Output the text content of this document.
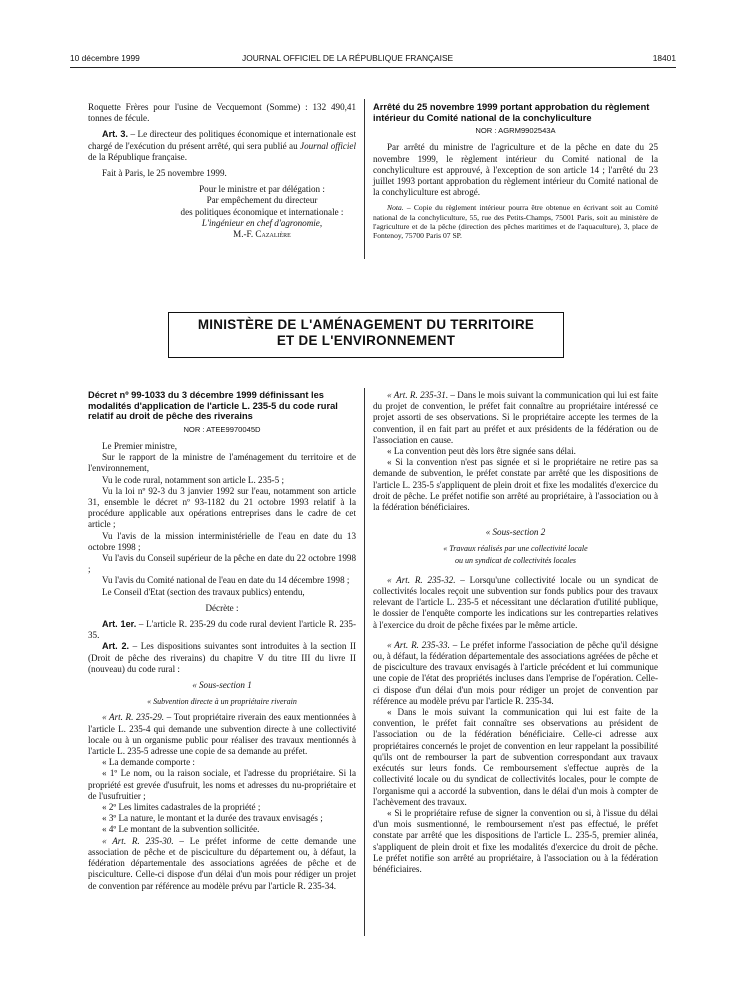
10 décembre 1999	JOURNAL OFFICIEL DE LA RÉPUBLIQUE FRANÇAISE	18401

Roquette Frères pour l'usine de Vecquemont (Somme) : 132 490,41 tonnes de fécule.

Art. 3. – Le directeur des politiques économique et internationale est chargé de l'exécution du présent arrêté, qui sera publié au Journal officiel de la République française.

Fait à Paris, le 25 novembre 1999.

Pour le ministre et par délégation :

Par empêchement du directeur

des politiques économique et internationale :

L'ingénieur en chef d'agronomie,

M.-F. Cazalière

Arrêté du 25 novembre 1999 portant approbation du règlement intérieur du Comité national de la conchyliculture

NOR : AGRM9902543A

Par arrêté du ministre de l'agriculture et de la pêche en date du 25 novembre 1999, le règlement intérieur du Comité national de la conchyliculture est approuvé, à l'exception de son article 14 ; l'arrêté du 23 juillet 1993 portant approbation du règlement intérieur du Comité national de la conchyliculture est abrogé.

Nota. – Copie du règlement intérieur pourra être obtenue en écrivant soit au Comité national de la conchyliculture, 55, rue des Petits-Champs, 75001 Paris, soit au ministère de l'agriculture et de la pêche (direction des pêches maritimes et de l'aquaculture), 3, place de Fontenoy, 75700 Paris 07 SP.

MINISTÈRE DE L'AMÉNAGEMENT DU TERRITOIRE
ET DE L'ENVIRONNEMENT

Décret nº 99-1033 du 3 décembre 1999 définissant les modalités d'application de l'article L. 235-5 du code rural relatif au droit de pêche des riverains

NOR : ATEE9970045D

Le Premier ministre,

Sur le rapport de la ministre de l'aménagement du territoire et de l'environnement,

Vu le code rural, notamment son article L. 235-5 ;

Vu la loi nº 92-3 du 3 janvier 1992 sur l'eau, notamment son article 31, ensemble le décret nº 93-1182 du 21 octobre 1993 relatif à la procédure applicable aux opérations entreprises dans le cadre de cet article ;

Vu l'avis de la mission interministérielle de l'eau en date du 13 octobre 1998 ;

Vu l'avis du Conseil supérieur de la pêche en date du 22 octobre 1998 ;

Vu l'avis du Comité national de l'eau en date du 14 décembre 1998 ;

Le Conseil d'Etat (section des travaux publics) entendu,

Décrète :

Art. 1er. – L'article R. 235-29 du code rural devient l'article R. 235-35.

Art. 2. – Les dispositions suivantes sont introduites à la section II (Droit de pêche des riverains) du chapitre V du titre III du livre II (nouveau) du code rural :

« Sous-section 1

« Subvention directe à un propriétaire riverain

« Art. R. 235-29. – Tout propriétaire riverain des eaux mentionnées à l'article L. 235-4 qui demande une subvention directe à une collectivité locale ou à un organisme public pour réaliser des travaux mentionnés à l'article L. 235-5 adresse une copie de sa demande au préfet.

« La demande comporte :

« 1º Le nom, ou la raison sociale, et l'adresse du propriétaire. Si la propriété est grevée d'usufruit, les noms et adresses du nu-propriétaire et de l'usufruitier ;

« 2º Les limites cadastrales de la propriété ;

« 3º La nature, le montant et la durée des travaux envisagés ;

« 4º Le montant de la subvention sollicitée.

« Art. R. 235-30. – Le préfet informe de cette demande une association de pêche et de pisciculture du département ou, à défaut, la fédération départementale des associations agréées de pêche et de pisciculture. Celle-ci dispose d'un délai d'un mois pour rédiger un projet de convention par référence au modèle prévu par l'article R. 235-34.

« Art. R. 235-31. – Dans le mois suivant la communication qui lui est faite du projet de convention, le préfet fait connaître au propriétaire intéressé ce projet assorti de ses observations. Si le propriétaire accepte les termes de la convention, il en fait part au préfet et aux présidents de la fédération ou de l'association en cause.

« La convention peut dès lors être signée sans délai.

« Si la convention n'est pas signée et si le propriétaire ne retire pas sa demande de subvention, le préfet constate par arrêté que les dispositions de l'article L. 235-5 s'appliquent de plein droit et fixe les modalités d'exercice du droit de pêche. Le préfet notifie son arrêté au propriétaire, à l'association ou à la fédération bénéficiaires.

« Sous-section 2

« Travaux réalisés par une collectivité locale

ou un syndicat de collectivités locales

« Art. R. 235-32. – Lorsqu'une collectivité locale ou un syndicat de collectivités locales reçoit une subvention sur fonds publics pour des travaux relevant de l'article L. 235-5 et nécessitant une déclaration d'utilité publique, le dossier de l'enquête comporte les indications sur les contreparties relatives à l'exercice du droit de pêche fixées par le même article.

« Art. R. 235-33. – Le préfet informe l'association de pêche qu'il désigne ou, à défaut, la fédération départementale des associations agréées de pêche et de pisciculture des travaux envisagés à l'article précédent et lui communique une copie de l'état des propriétés incluses dans l'emprise de l'opération. Celle-ci dispose d'un délai d'un mois pour rédiger un projet de convention par référence au modèle prévu par l'article R. 235-34.

« Dans le mois suivant la communication qui lui est faite de la convention, le préfet fait connaître ses observations au président de l'association ou de la fédération bénéficiaire. Celle-ci adresse aux propriétaires concernés le projet de convention en leur rappelant la possibilité qu'ils ont de rembourser la part de subvention correspondant aux travaux exécutés sur leurs fonds. Ce remboursement s'effectue auprès de la collectivité locale ou du syndicat de collectivités locales, pour le compte de l'organisme qui a accordé la subvention, dans le délai d'un mois à compter de l'achèvement des travaux.

« Si le propriétaire refuse de signer la convention ou si, à l'issue du délai d'un mois susmentionné, le remboursement n'est pas effectué, le préfet constate par arrêté que les dispositions de l'article L. 235-5, premier alinéa, s'appliquent de plein droit et fixe les modalités d'exercice du droit de pêche. Le préfet notifie son arrêté au propriétaire, à l'association ou à la fédération bénéficiaires.
